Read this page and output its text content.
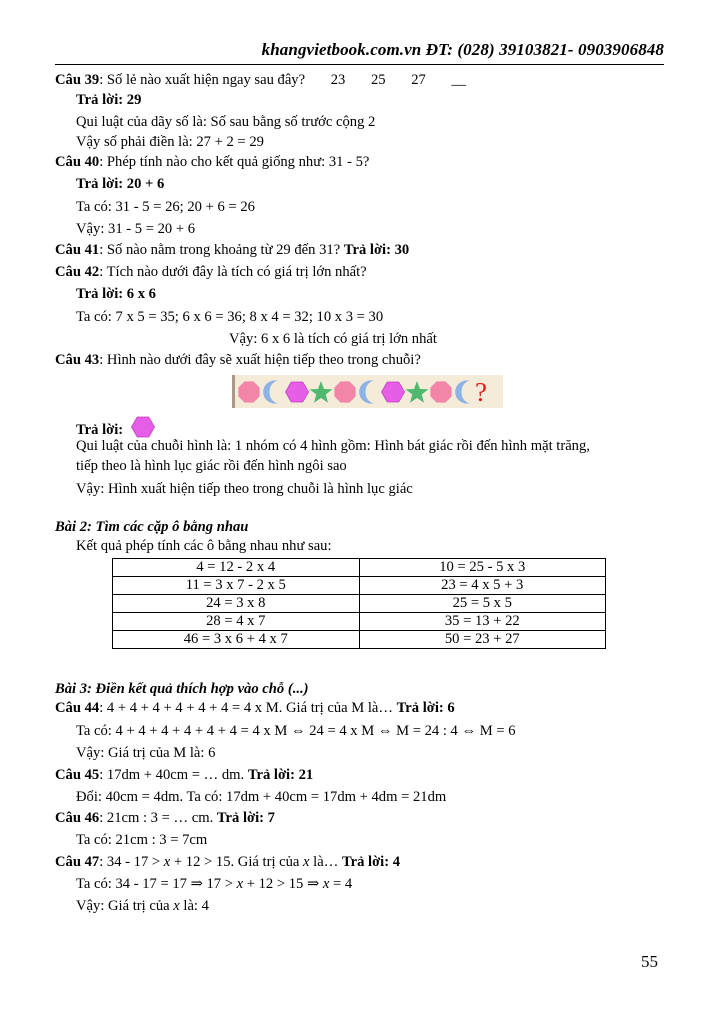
khangvietbook.com.vn ĐT: (028) 39103821- 0903906848
Câu 39: Số lẻ nào xuất hiện ngay sau đây? 23 25 27 __
Trả lời: 29
Qui luật của dãy số là: Số sau bằng số trước cộng 2
Vậy số phải điền là: 27 + 2 = 29
Câu 40: Phép tính nào cho kết quả giống như: 31 - 5?
Trả lời: 20 + 6
Ta có: 31 - 5 = 26; 20 + 6 = 26
Vậy: 31 - 5 = 20 + 6
Câu 41: Số nào nằm trong khoảng từ 29 đến 31? Trả lời: 30
Câu 42: Tích nào dưới đây là tích có giá trị lớn nhất?
Trả lời: 6 x 6
Ta có: 7 x 5 = 35; 6 x 6 = 36; 8 x 4 = 32; 10 x 3 = 30
Vậy: 6 x 6 là tích có giá trị lớn nhất
Câu 43: Hình nào dưới đây sẽ xuất hiện tiếp theo trong chuỗi?
?
Trả lời:
Qui luật của chuỗi hình là: 1 nhóm có 4 hình gồm: Hình bát giác rồi đến hình mặt trăng,
tiếp theo là hình lục giác rồi đến hình ngôi sao
Vậy: Hình xuất hiện tiếp theo trong chuỗi là hình lục giác
Bài 2: Tìm các cặp ô bằng nhau
Kết quả phép tính các ô bằng nhau như sau:
4 = 12 - 2 x 4	10 = 25 - 5 x 3
11 = 3 x 7 - 2 x 5	23 = 4 x 5 + 3
24 = 3 x 8	25 = 5 x 5
28 = 4 x 7	35 = 13 + 22
46 = 3 x 6 + 4 x 7	50 = 23 + 27
Bài 3: Điền kết quả thích hợp vào chỗ (...)
Câu 44: 4 + 4 + 4 + 4 + 4 + 4 = 4 x M. Giá trị của M là… Trả lời: 6
Ta có: 4 + 4 + 4 + 4 + 4 + 4 = 4 x M ⇔ 24 = 4 x M ⇔ M = 24 : 4 ⇔ M = 6
Vậy: Giá trị của M là: 6
Câu 45: 17dm + 40cm = … dm. Trả lời: 21
Đổi: 40cm = 4dm. Ta có: 17dm + 40cm = 17dm + 4dm = 21dm
Câu 46: 21cm : 3 = … cm. Trả lời: 7
Ta có: 21cm : 3 = 7cm
Câu 47: 34 - 17 > x + 12 > 15. Giá trị của x là… Trả lời: 4
Ta có: 34 - 17 = 17 ⇒ 17 > x + 12 > 15 ⇒ x = 4
Vậy: Giá trị của x là: 4
55
